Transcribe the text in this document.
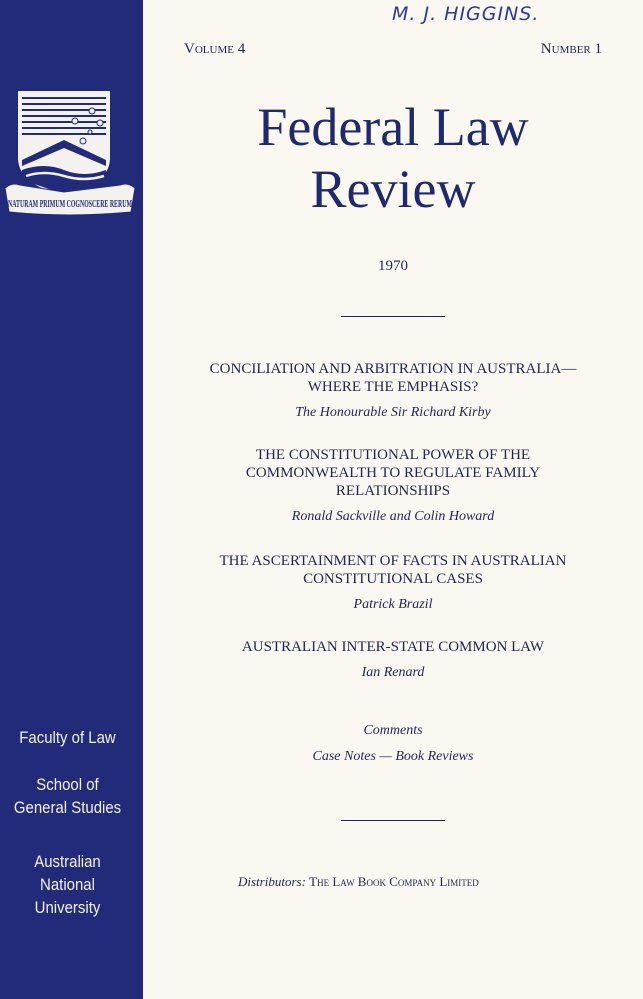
NATURAM PRIMUM COGNOSCERE RERUM
Faculty of Law
School of
General Studies
Australian National
University
M. J. HIGGINS.
Volume 4	Number 1
Federal Law
Review
1970
CONCILIATION AND ARBITRATION IN AUSTRALIA—
WHERE THE EMPHASIS?
The Honourable Sir Richard Kirby
THE CONSTITUTIONAL POWER OF THE
COMMONWEALTH TO REGULATE FAMILY
RELATIONSHIPS
Ronald Sackville and Colin Howard
THE ASCERTAINMENT OF FACTS IN AUSTRALIAN
CONSTITUTIONAL CASES
Patrick Brazil
AUSTRALIAN INTER-STATE COMMON LAW
Ian Renard
Comments
Case Notes — Book Reviews
Distributors: The Law Book Company Limited
